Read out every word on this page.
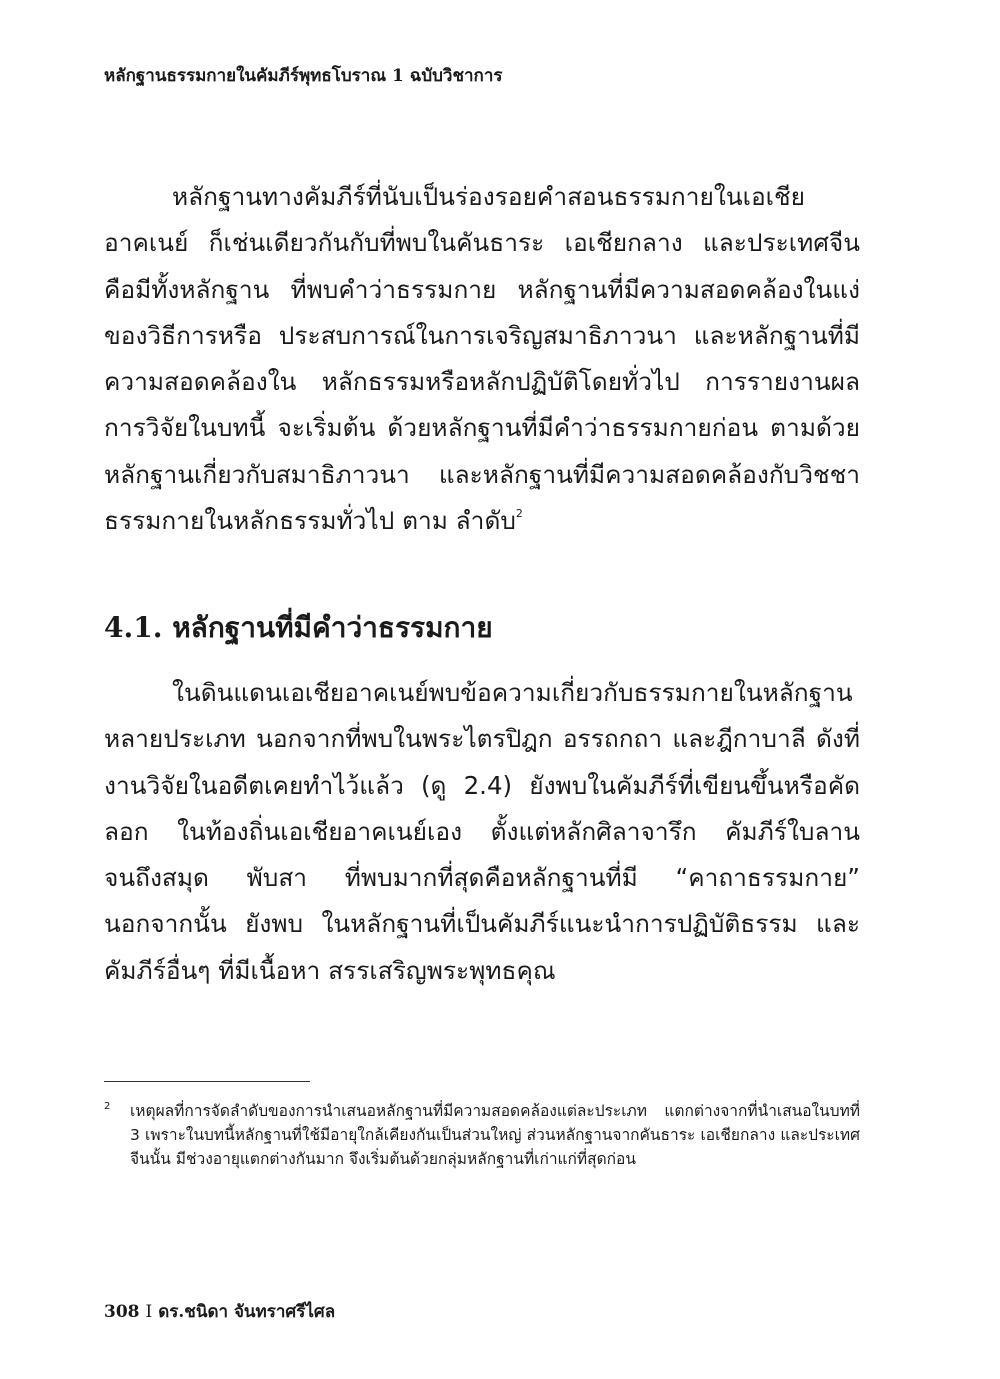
หลักฐานธรรมกายในคัมภีร์พุทธโบราณ 1 ฉบับวิชาการ

หลักฐานทางคัมภีร์ที่นับเป็นร่องรอยคำสอนธรรมกายในเอเชียอาคเนย์ ก็เช่นเดียวกันกับที่พบในคันธาระ เอเชียกลาง และประเทศจีน คือมีทั้งหลักฐาน ที่พบคำว่าธรรมกาย หลักฐานที่มีความสอดคล้องในแง่ของวิธีการหรือ ประสบการณ์ในการเจริญสมาธิภาวนา และหลักฐานที่มีความสอดคล้องใน หลักธรรมหรือหลักปฏิบัติโดยทั่วไป การรายงานผลการวิจัยในบทนี้ จะเริ่มต้น ด้วยหลักฐานที่มีคำว่าธรรมกายก่อน ตามด้วยหลักฐานเกี่ยวกับสมาธิภาวนา และหลักฐานที่มีความสอดคล้องกับวิชชาธรรมกายในหลักธรรมทั่วไป ตาม ลำดับ$^2$

4.1. หลักฐานที่มีคำว่าธรรมกาย

ในดินแดนเอเชียอาคเนย์พบข้อความเกี่ยวกับธรรมกายในหลักฐาน หลายประเภท นอกจากที่พบในพระไตรปิฎก อรรถกถา และฎีกาบาลี ดังที่ งานวิจัยในอดีตเคยทำไว้แล้ว (ดู 2.4) ยังพบในคัมภีร์ที่เขียนขึ้นหรือคัดลอก ในท้องถิ่นเอเชียอาคเนย์เอง ตั้งแต่หลักศิลาจารึก คัมภีร์ใบลาน จนถึงสมุด พับสา ที่พบมากที่สุดคือหลักฐานที่มี “คาถาธรรมกาย” นอกจากนั้น ยังพบ ในหลักฐานที่เป็นคัมภีร์แนะนำการปฏิบัติธรรม และคัมภีร์อื่นๆ ที่มีเนื้อหา สรรเสริญพระพุทธคุณ

2 เหตุผลที่การจัดลำดับของการนำเสนอหลักฐานที่มีความสอดคล้องแต่ละประเภท แตกต่างจากที่นำเสนอในบทที่ 3 เพราะในบทนี้หลักฐานที่ใช้มีอายุใกล้เคียงกันเป็นส่วนใหญ่ ส่วนหลักฐานจากคันธาระ เอเชียกลาง และประเทศจีนนั้น มีช่วงอายุแตกต่างกันมาก จึงเริ่มต้นด้วยกลุ่มหลักฐานที่เก่าแก่ที่สุดก่อน

308 I ดร.ชนิดา จันทราศรีไศล
